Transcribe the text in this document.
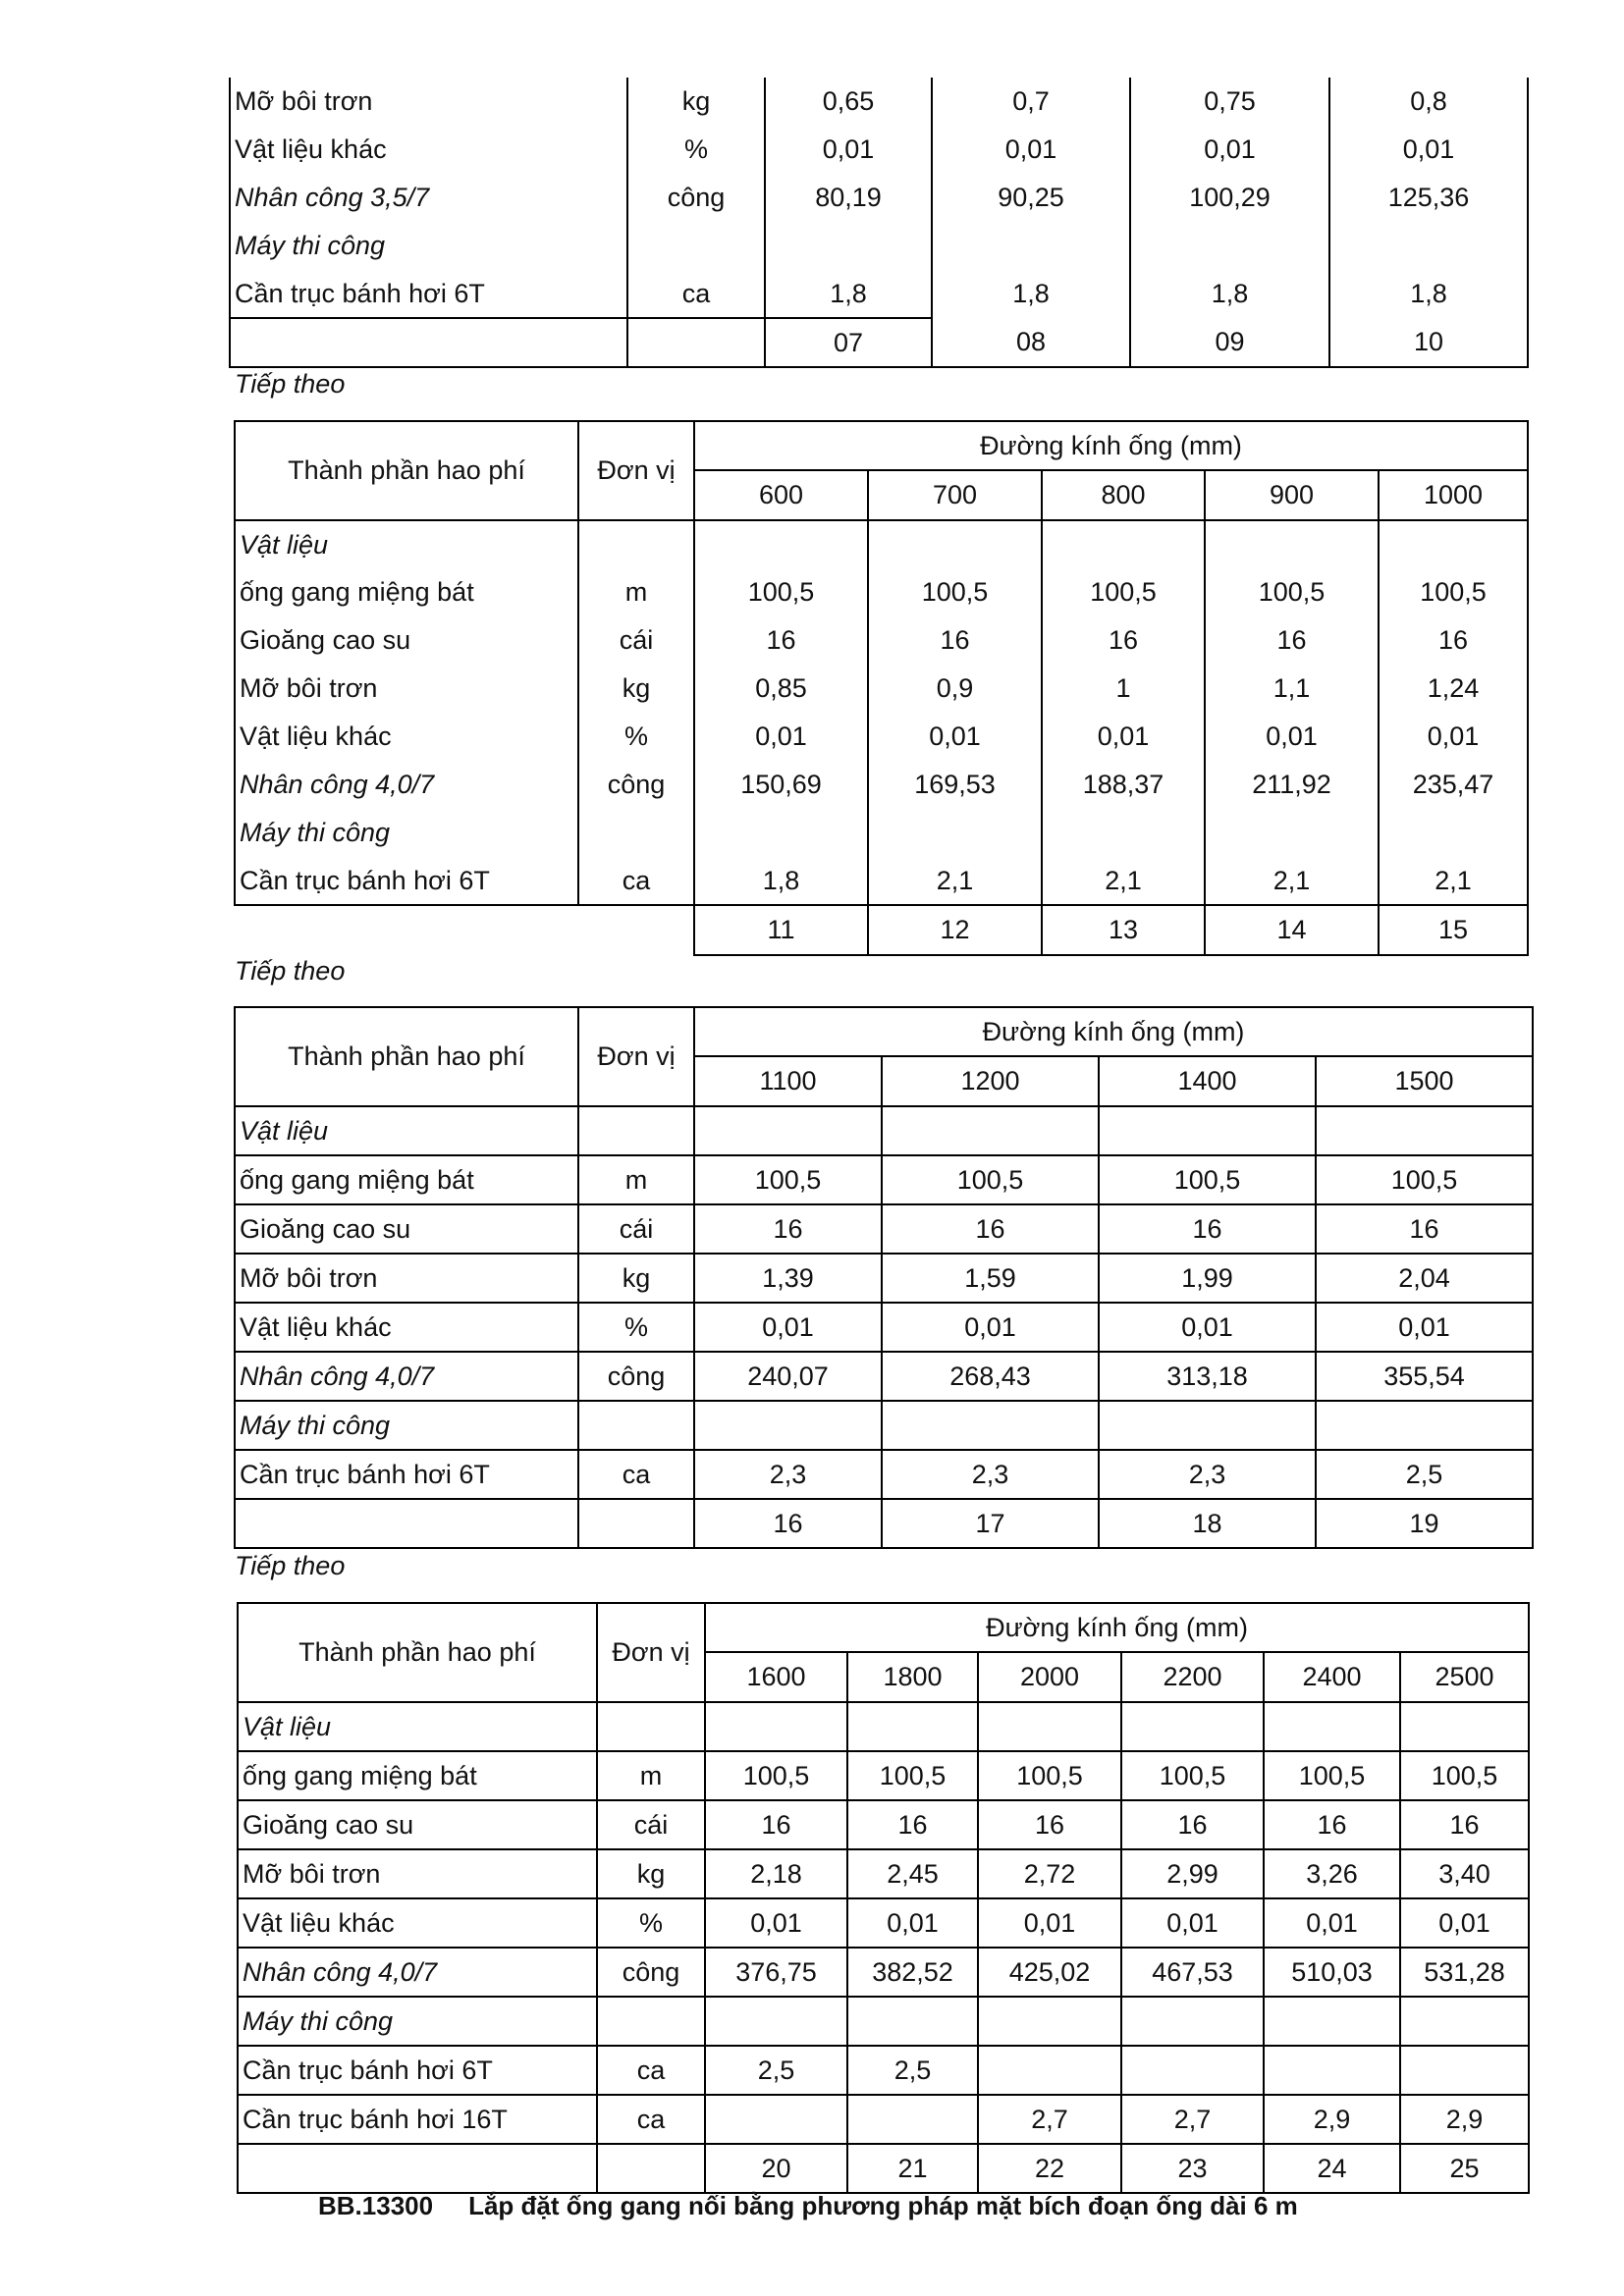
Mỡ bôi trơn	kg	0,65	0,7	0,75	0,8
Vật liệu khác	%	0,01	0,01	0,01	0,01
Nhân công 3,5/7	công	80,19	90,25	100,29	125,36
Máy thi công					
Cần trục bánh hơi 6T	ca	1,8	1,8	1,8	1,8
		07	08	09	10
Tiếp theo
Thành phần hao phí	Đơn vị	Đường kính ống (mm)				
		600	700	800	900	1000
Vật liệu						
ống gang miệng bát	m	100,5	100,5	100,5	100,5	100,5
Gioăng cao su	cái	16	16	16	16	16
Mỡ bôi trơn	kg	0,85	0,9	1	1,1	1,24
Vật liệu khác	%	0,01	0,01	0,01	0,01	0,01
Nhân công 4,0/7	công	150,69	169,53	188,37	211,92	235,47
Máy thi công						
Cần trục bánh hơi 6T	ca	1,8	2,1	2,1	2,1	2,1
		11	12	13	14	15
Tiếp theo
Thành phần hao phí	Đơn vị	Đường kính ống (mm)			
		1100	1200	1400	1500
Vật liệu					
ống gang miệng bát	m	100,5	100,5	100,5	100,5
Gioăng cao su	cái	16	16	16	16
Mỡ bôi trơn	kg	1,39	1,59	1,99	2,04
Vật liệu khác	%	0,01	0,01	0,01	0,01
Nhân công 4,0/7	công	240,07	268,43	313,18	355,54
Máy thi công					
Cần trục bánh hơi 6T	ca	2,3	2,3	2,3	2,5
		16	17	18	19
Tiếp theo
Thành phần hao phí	Đơn vị	Đường kính ống (mm)					
		1600	1800	2000	2200	2400	2500
Vật liệu							
ống gang miệng bát	m	100,5	100,5	100,5	100,5	100,5	100,5
Gioăng cao su	cái	16	16	16	16	16	16
Mỡ bôi trơn	kg	2,18	2,45	2,72	2,99	3,26	3,40
Vật liệu khác	%	0,01	0,01	0,01	0,01	0,01	0,01
Nhân công 4,0/7	công	376,75	382,52	425,02	467,53	510,03	531,28
Máy thi công							
Cần trục bánh hơi 6T	ca	2,5	2,5				
Cần trục bánh hơi 16T	ca			2,7	2,7	2,9	2,9
		20	21	22	23	24	25
BB.13300 Lắp đặt ống gang nối bằng phương pháp mặt bích đoạn ống dài 6 m
